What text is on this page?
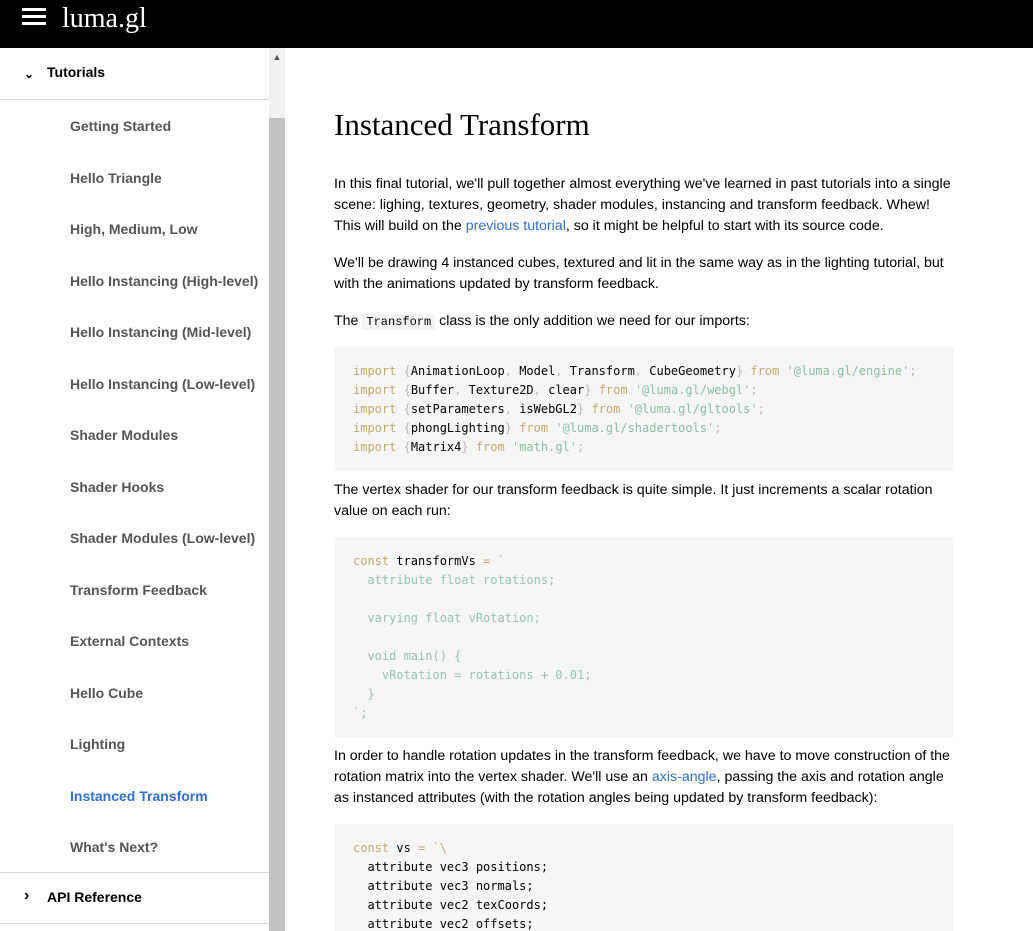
luma.gl
⌄ Tutorials
Getting Started
Hello Triangle
High, Medium, Low
Hello Instancing (High-level)
Hello Instancing (Mid-level)
Hello Instancing (Low-level)
Shader Modules
Shader Hooks
Shader Modules (Low-level)
Transform Feedback
External Contexts
Hello Cube
Lighting
Instanced Transform
What's Next?
› API Reference
▲
Instanced Transform

In this final tutorial, we'll pull together almost everything we've learned in past tutorials into a single scene: lighing, textures, geometry, shader modules, instancing and transform feedback. Whew! This will build on the previous tutorial, so it might be helpful to start with its source code.

We'll be drawing 4 instanced cubes, textured and lit in the same way as in the lighting tutorial, but with the animations updated by transform feedback.

The Transform class is the only addition we need for our imports:

import {AnimationLoop, Model, Transform, CubeGeometry} from '@luma.gl/engine';
import {Buffer, Texture2D, clear} from '@luma.gl/webgl';
import {setParameters, isWebGL2} from '@luma.gl/gltools';
import {phongLighting} from '@luma.gl/shadertools';
import {Matrix4} from 'math.gl';

The vertex shader for our transform feedback is quite simple. It just increments a scalar rotation value on each run:

const transformVs = `
attribute float rotations;

varying float vRotation;

void main() {
vRotation = rotations + 0.01;
}
`;

In order to handle rotation updates in the transform feedback, we have to move construction of the rotation matrix into the vertex shader. We'll use an axis-angle, passing the axis and rotation angle as instanced attributes (with the rotation angles being updated by transform feedback):

const vs = `\
attribute vec3 positions;
attribute vec3 normals;
attribute vec2 texCoords;
attribute vec2 offsets;
